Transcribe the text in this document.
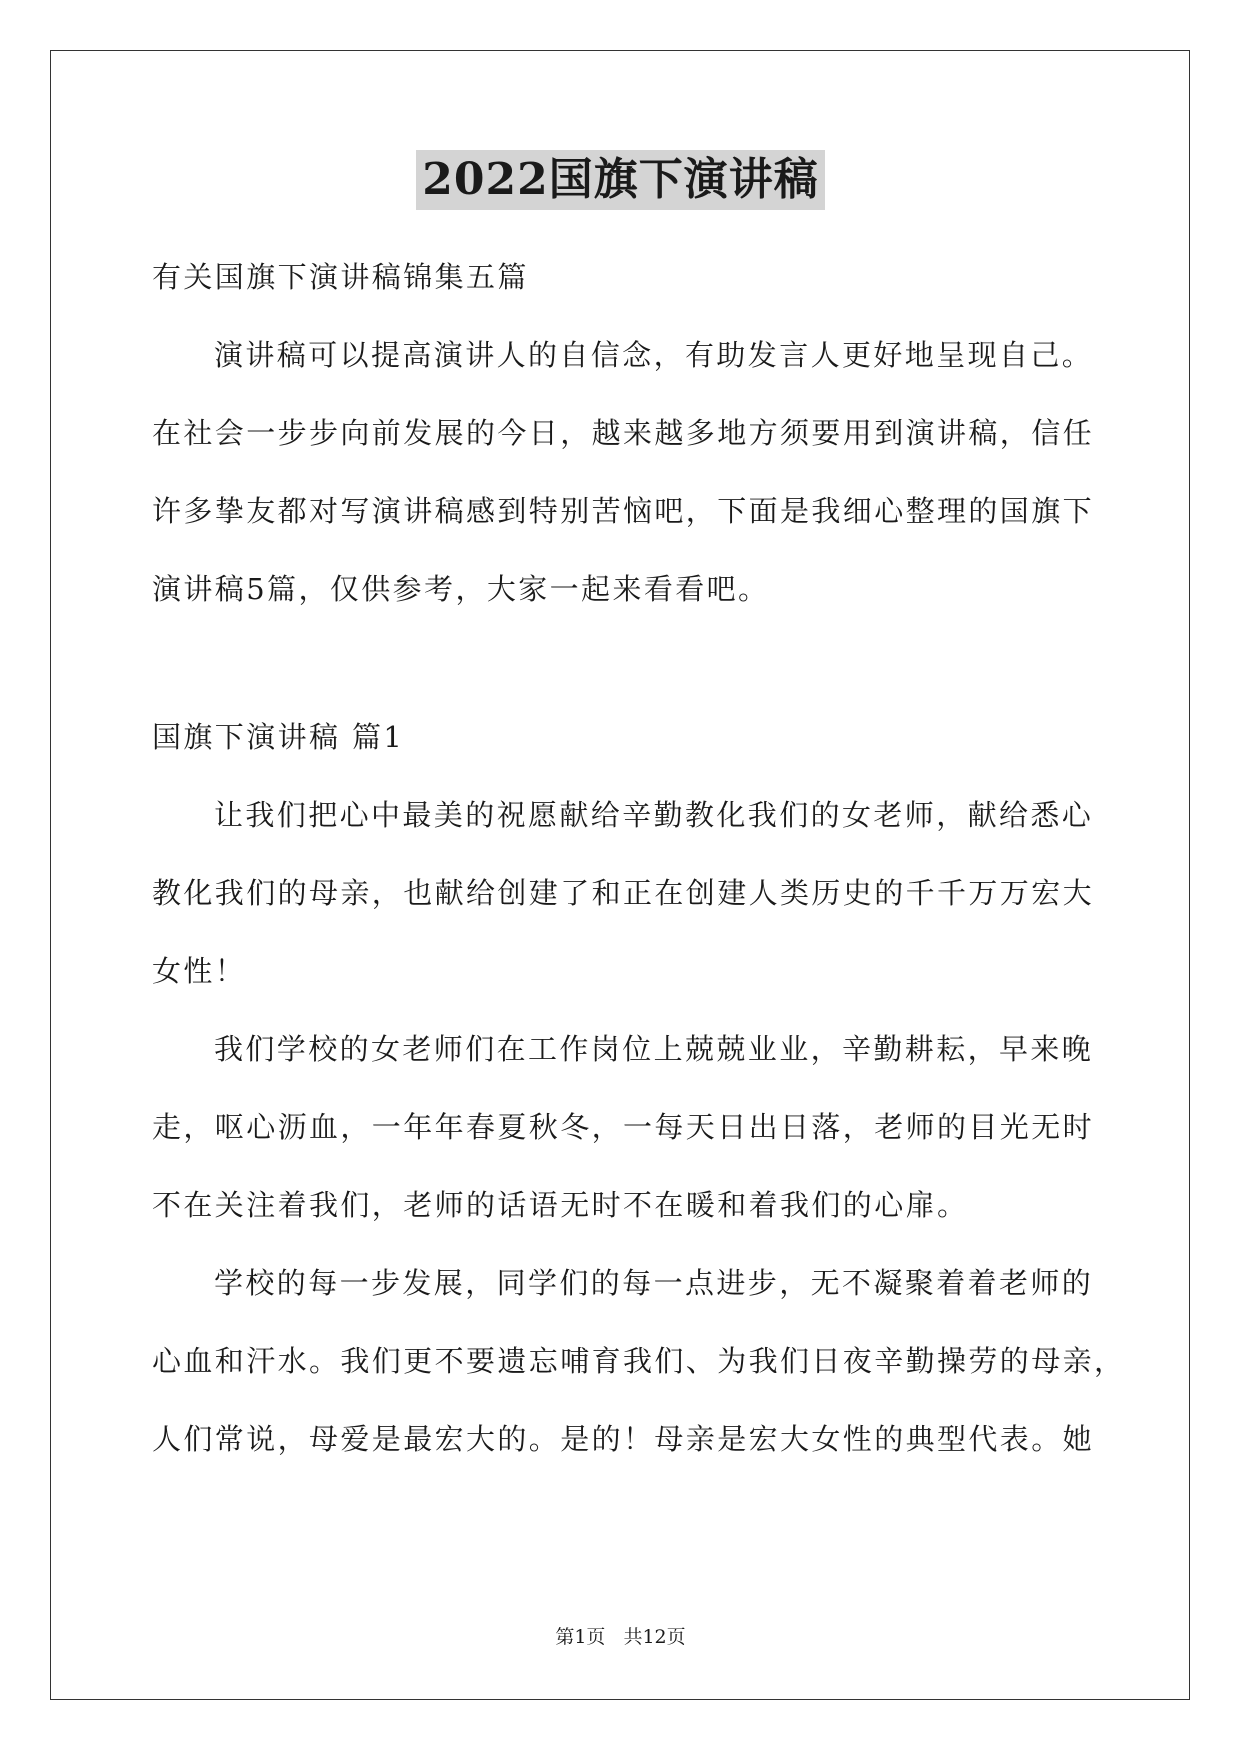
2022国旗下演讲稿
有关国旗下演讲稿锦集五篇
演讲稿可以提高演讲人的自信念，有助发言人更好地呈现自己。
在社会一步步向前发展的今日，越来越多地方须要用到演讲稿，信任
许多挚友都对写演讲稿感到特别苦恼吧，下面是我细心整理的国旗下
演讲稿5篇，仅供参考，大家一起来看看吧。
国旗下演讲稿 篇1
让我们把心中最美的祝愿献给辛勤教化我们的女老师，献给悉心
教化我们的母亲，也献给创建了和正在创建人类历史的千千万万宏大
女性！
我们学校的女老师们在工作岗位上兢兢业业，辛勤耕耘，早来晚
走，呕心沥血，一年年春夏秋冬，一每天日出日落，老师的目光无时
不在关注着我们，老师的话语无时不在暖和着我们的心扉。
学校的每一步发展，同学们的每一点进步，无不凝聚着着老师的
心血和汗水。我们更不要遗忘哺育我们、为我们日夜辛勤操劳的母亲，
人们常说，母爱是最宏大的。是的！母亲是宏大女性的典型代表。她
第1页 共12页
